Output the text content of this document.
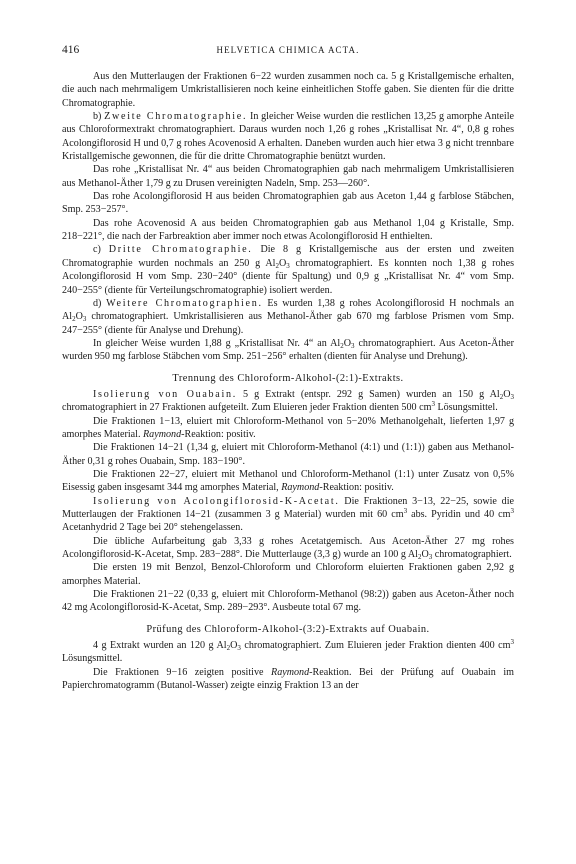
416	HELVETICA CHIMICA ACTA.

Aus den Mutterlaugen der Fraktionen 6−22 wurden zusammen noch ca. 5 g Kristallgemische erhalten, die auch nach mehrmaligem Umkristallisieren noch keine einheitlichen Stoffe gaben. Sie dienten für die dritte Chromatographie.

b) Zweite Chromatographie. In gleicher Weise wurden die restlichen 13,25 g amorphe Anteile aus Chloroformextrakt chromatographiert. Daraus wurden noch 1,26 g rohes „Kristallisat Nr. 4“, 0,8 g rohes Acolongiflorosid H und 0,7 g rohes Acovenosid A erhalten. Daneben wurden auch hier etwa 3 g nicht trennbare Kristallgemische gewonnen, die für die dritte Chromatographie benützt wurden.

Das rohe „Kristallisat Nr. 4“ aus beiden Chromatographien gab nach mehrmaligem Umkristallisieren aus Methanol-Äther 1,79 g zu Drusen vereinigten Nadeln, Smp. 253—260°.

Das rohe Acolongiflorosid H aus beiden Chromatographien gab aus Aceton 1,44 g farblose Stäbchen, Smp. 253−257°.

Das rohe Acovenosid A aus beiden Chromatographien gab aus Methanol 1,04 g Kristalle, Smp. 218−221°, die nach der Farbreaktion aber immer noch etwas Acolongiflorosid H enthielten.

c) Dritte Chromatographie. Die 8 g Kristallgemische aus der ersten und zweiten Chromatographie wurden nochmals an 250 g $Al_2O_3$ chromatographiert. Es konnten noch 1,38 g rohes Acolongiflorosid H vom Smp. 230−240° (diente für Spaltung) und 0,9 g „Kristallisat Nr. 4“ vom Smp. 240−255° (diente für Verteilungschromatographie) isoliert werden.

d) Weitere Chromatographien. Es wurden 1,38 g rohes Acolongiflorosid H nochmals an $Al_2O_3$ chromatographiert. Umkristallisieren aus Methanol-Äther gab 670 mg farblose Prismen vom Smp. 247−255° (diente für Analyse und Drehung).

In gleicher Weise wurden 1,88 g „Kristallisat Nr. 4“ an $Al_2O_3$ chromatographiert. Aus Aceton-Äther wurden 950 mg farblose Stäbchen vom Smp. 251−256° erhalten (dienten für Analyse und Drehung).

Trennung des Chloroform-Alkohol-(2:1)-Extrakts.

Isolierung von Ouabain. 5 g Extrakt (entspr. 292 g Samen) wurden an 150 g $Al_2O_3$ chromatographiert in 27 Fraktionen aufgeteilt. Zum Eluieren jeder Fraktion dienten 500 $cm^3$ Lösungsmittel.

Die Fraktionen 1−13, eluiert mit Chloroform-Methanol von 5−20% Methanolgehalt, lieferten 1,97 g amorphes Material. Raymond-Reaktion: positiv.

Die Fraktionen 14−21 (1,34 g, eluiert mit Chloroform-Methanol (4:1) und (1:1)) gaben aus Methanol-Äther 0,31 g rohes Ouabain, Smp. 183−190°.

Die Fraktionen 22−27, eluiert mit Methanol und Chloroform-Methanol (1:1) unter Zusatz von 0,5% Eisessig gaben insgesamt 344 mg amorphes Material, Raymond-Reaktion: positiv.

Isolierung von Acolongiflorosid-K-Acetat. Die Fraktionen 3−13, 22−25, sowie die Mutterlaugen der Fraktionen 14−21 (zusammen 3 g Material) wurden mit 60 $cm^3$ abs. Pyridin und 40 $cm^3$ Acetanhydrid 2 Tage bei 20° stehengelassen.

Die übliche Aufarbeitung gab 3,33 g rohes Acetatgemisch. Aus Aceton-Äther 27 mg rohes Acolongiflorosid-K-Acetat, Smp. 283−288°. Die Mutterlauge (3,3 g) wurde an 100 g $Al_2O_3$ chromatographiert.

Die ersten 19 mit Benzol, Benzol-Chloroform und Chloroform eluierten Fraktionen gaben 2,92 g amorphes Material.

Die Fraktionen 21−22 (0,33 g, eluiert mit Chloroform-Methanol (98:2)) gaben aus Aceton-Äther noch 42 mg Acolongiflorosid-K-Acetat, Smp. 289−293°. Ausbeute total 67 mg.

Prüfung des Chloroform-Alkohol-(3:2)-Extrakts auf Ouabain.

4 g Extrakt wurden an 120 g $Al_2O_3$ chromatographiert. Zum Eluieren jeder Fraktion dienten 400 $cm^3$ Lösungsmittel.

Die Fraktionen 9−16 zeigten positive Raymond-Reaktion. Bei der Prüfung auf Ouabain im Papierchromatogramm (Butanol-Wasser) zeigte einzig Fraktion 13 an der
